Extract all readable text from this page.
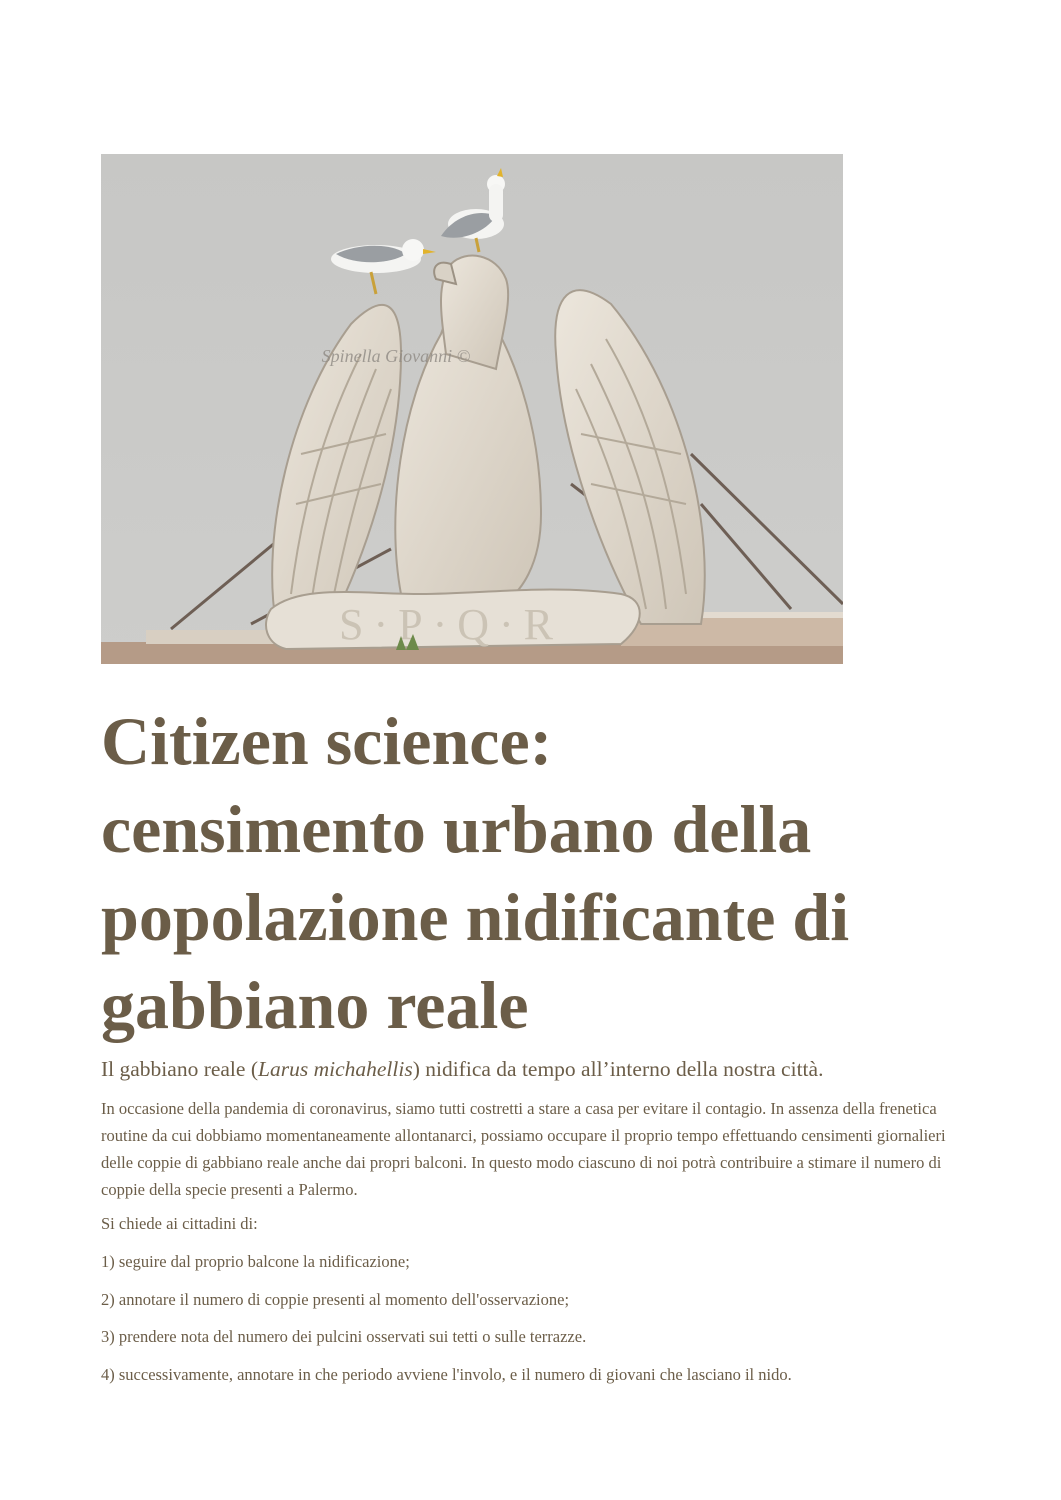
S·P·Q·R
Spinella Giovanni ©
Citizen science:
censimento urbano della
popolazione nidificante di
gabbiano reale

Il gabbiano reale (Larus michahellis) nidifica da tempo all’interno della nostra città.

In occasione della pandemia di coronavirus, siamo tutti costretti a stare a casa per evitare il contagio. In assenza della frenetica routine da cui dobbiamo momentaneamente allontanarci, possiamo occupare il proprio tempo effettuando censimenti giornalieri delle coppie di gabbiano reale anche dai propri balconi. In questo modo ciascuno di noi potrà contribuire a stimare il numero di coppie della specie presenti a Palermo.

Si chiede ai cittadini di:

1) seguire dal proprio balcone la nidificazione;

2) annotare il numero di coppie presenti al momento dell'osservazione;

3) prendere nota del numero dei pulcini osservati sui tetti o sulle terrazze.

4) successivamente, annotare in che periodo avviene l'involo, e il numero di giovani che lasciano il nido.
